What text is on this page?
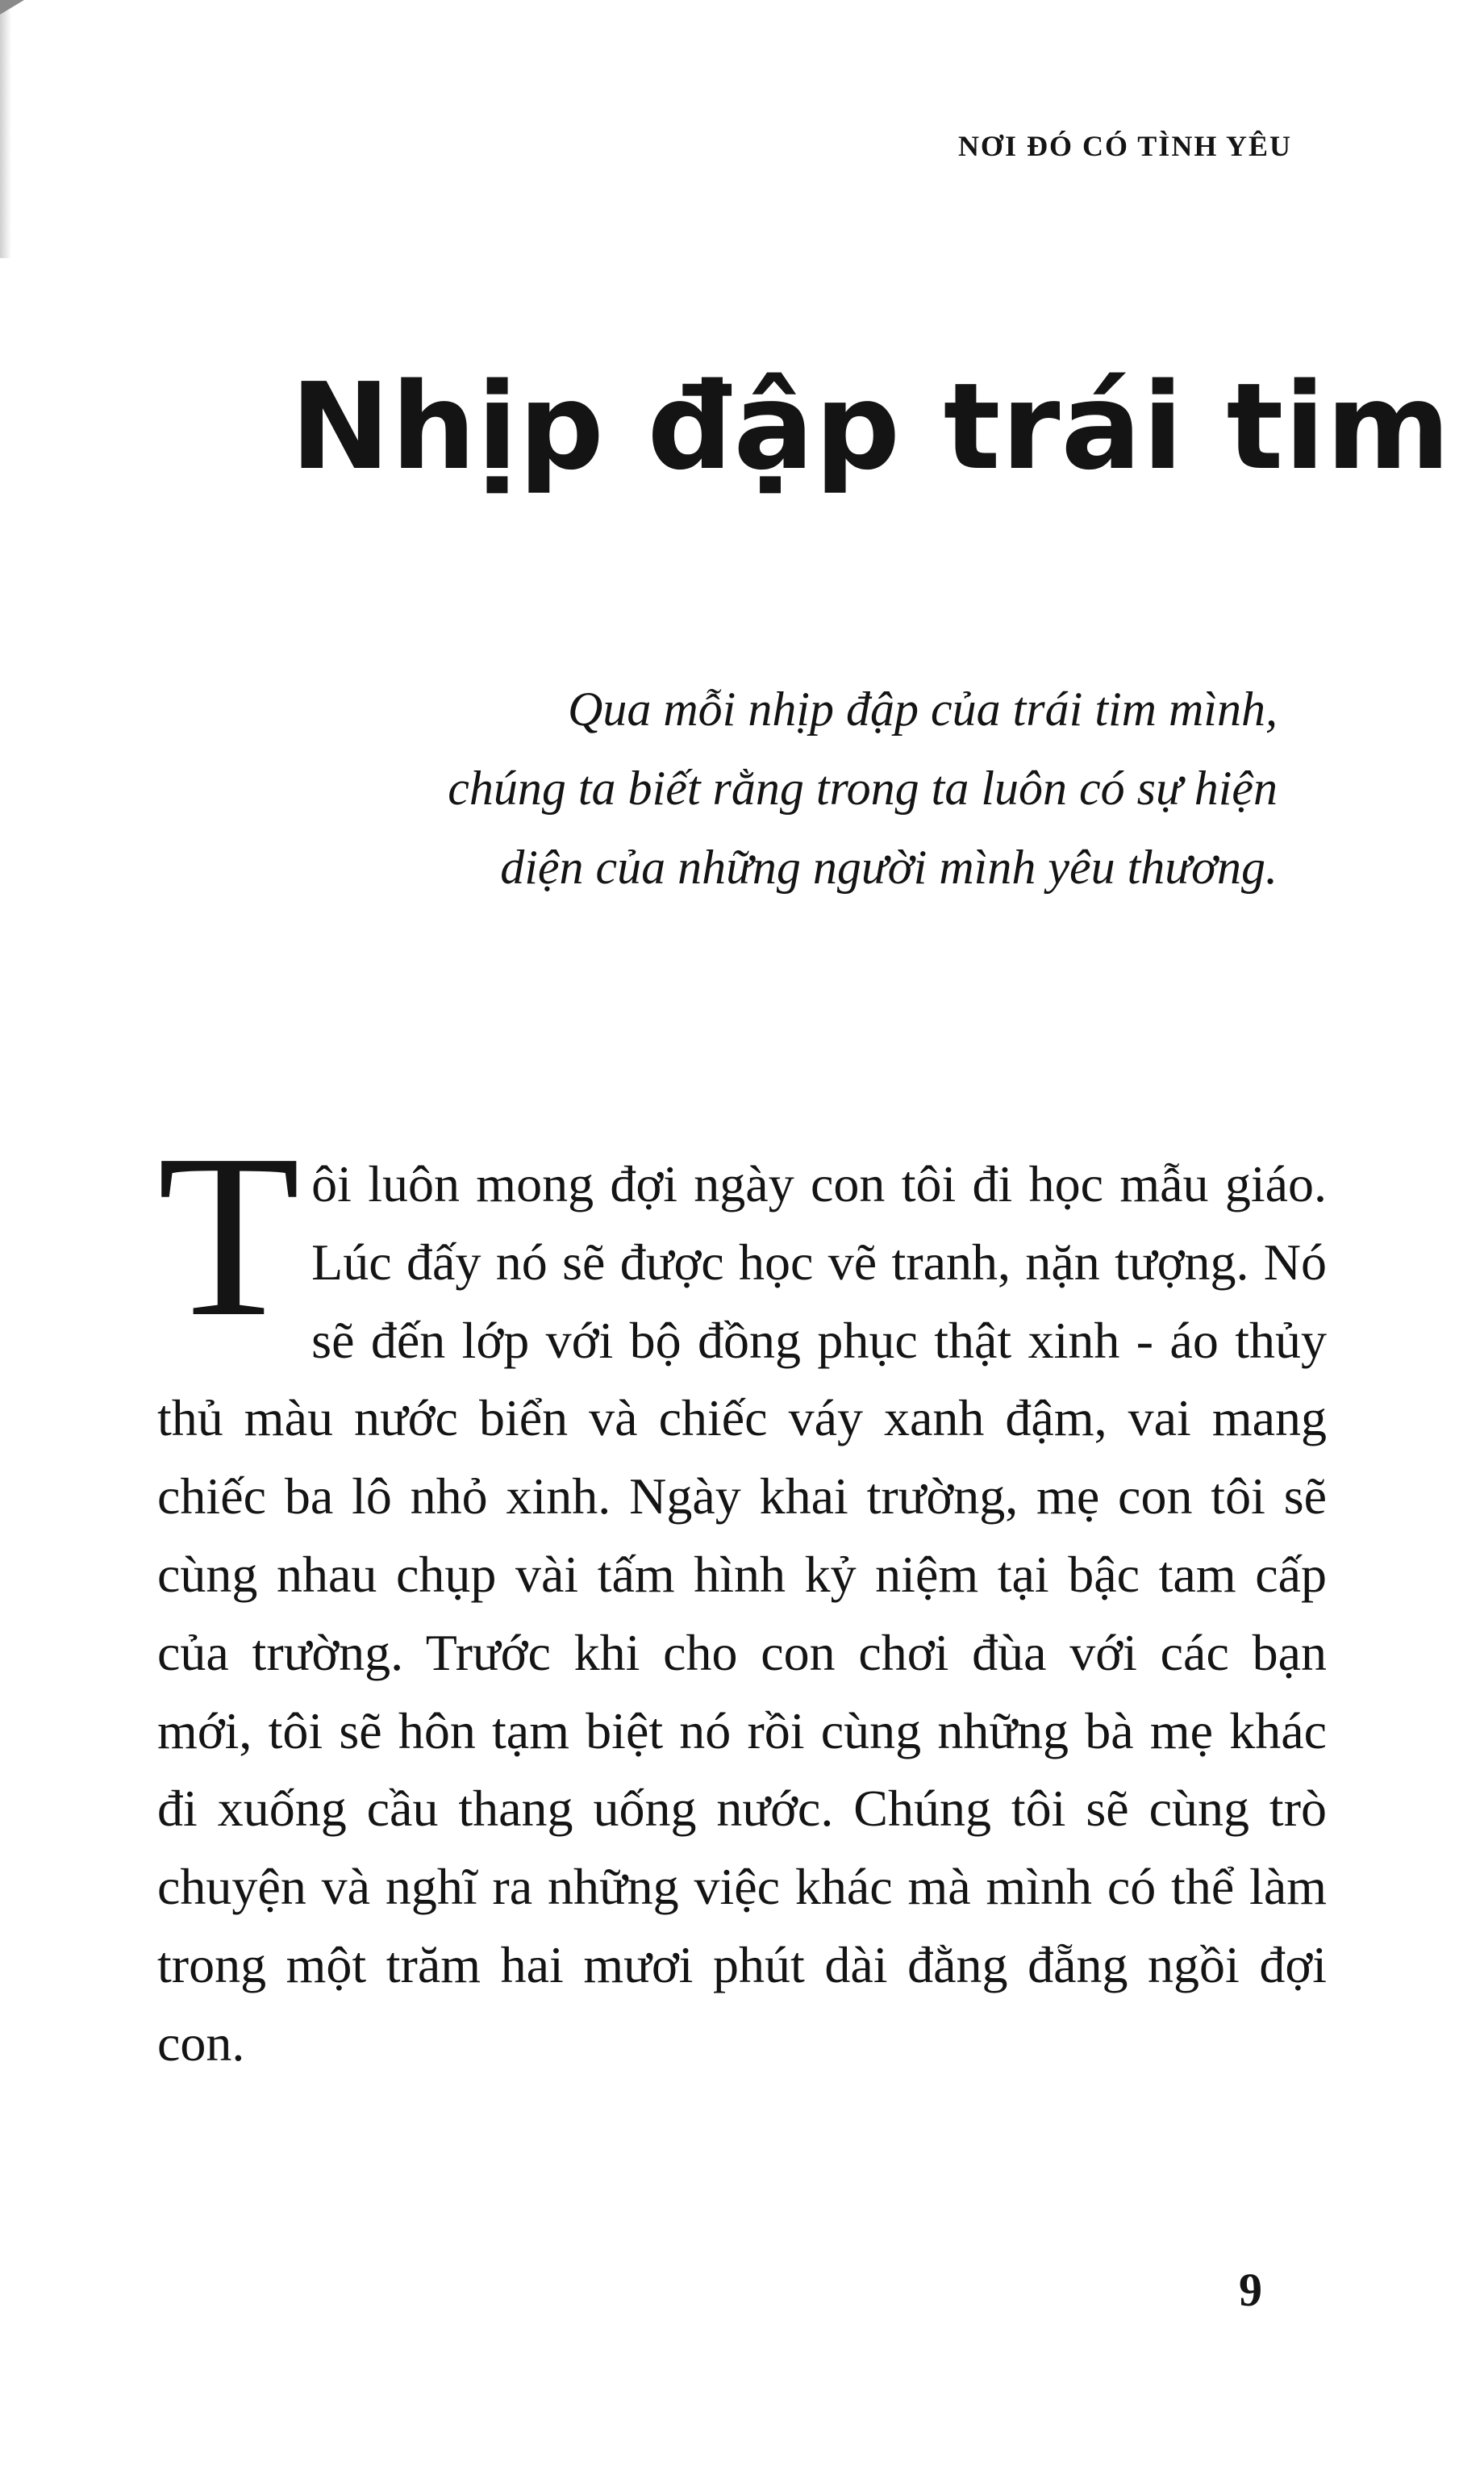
NƠI ĐÓ CÓ TÌNH YÊU
Nhịp đập trái tim
Qua mỗi nhịp đập của trái tim mình,
chúng ta biết rằng trong ta luôn có sự hiện
diện của những người mình yêu thương.

Tôi luôn mong đợi ngày con tôi đi học mẫu giáo. Lúc đấy nó sẽ được học vẽ tranh, nặn tượng. Nó sẽ đến lớp với bộ đồng phục thật xinh - áo thủy thủ màu nước biển và chiếc váy xanh đậm, vai mang chiếc ba lô nhỏ xinh. Ngày khai trường, mẹ con tôi sẽ cùng nhau chụp vài tấm hình kỷ niệm tại bậc tam cấp của trường. Trước khi cho con chơi đùa với các bạn mới, tôi sẽ hôn tạm biệt nó rồi cùng những bà mẹ khác đi xuống cầu thang uống nước. Chúng tôi sẽ cùng trò chuyện và nghĩ ra những việc khác mà mình có thể làm trong một trăm hai mươi phút dài đằng đẵng ngồi đợi con.

9
